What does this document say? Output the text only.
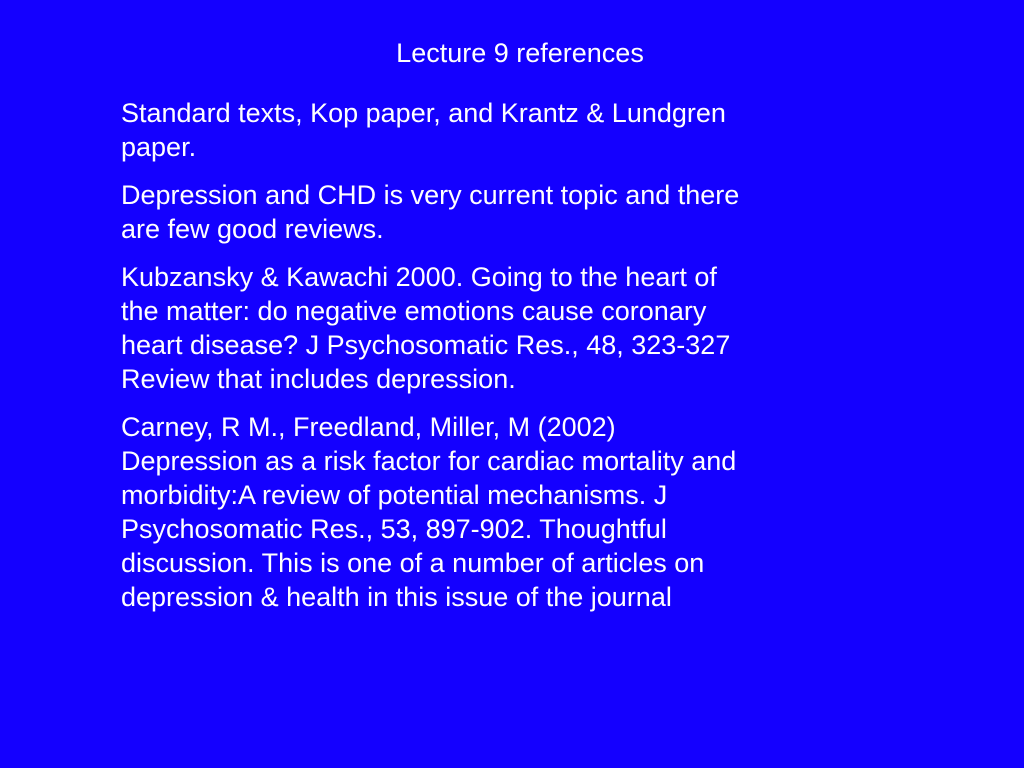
Lecture 9 references

Standard texts, Kop paper, and Krantz & Lundgren
paper.

Depression and CHD is very current topic and there
are few good reviews.

Kubzansky & Kawachi 2000. Going to the heart of
the matter: do negative emotions cause coronary
heart disease? J Psychosomatic Res., 48, 323-327
Review that includes depression.

Carney, R M., Freedland, Miller, M (2002)
Depression as a risk factor for cardiac mortality and
morbidity:A review of potential mechanisms. J
Psychosomatic Res., 53, 897-902. Thoughtful
discussion. This is one of a number of articles on
depression & health in this issue of the journal
